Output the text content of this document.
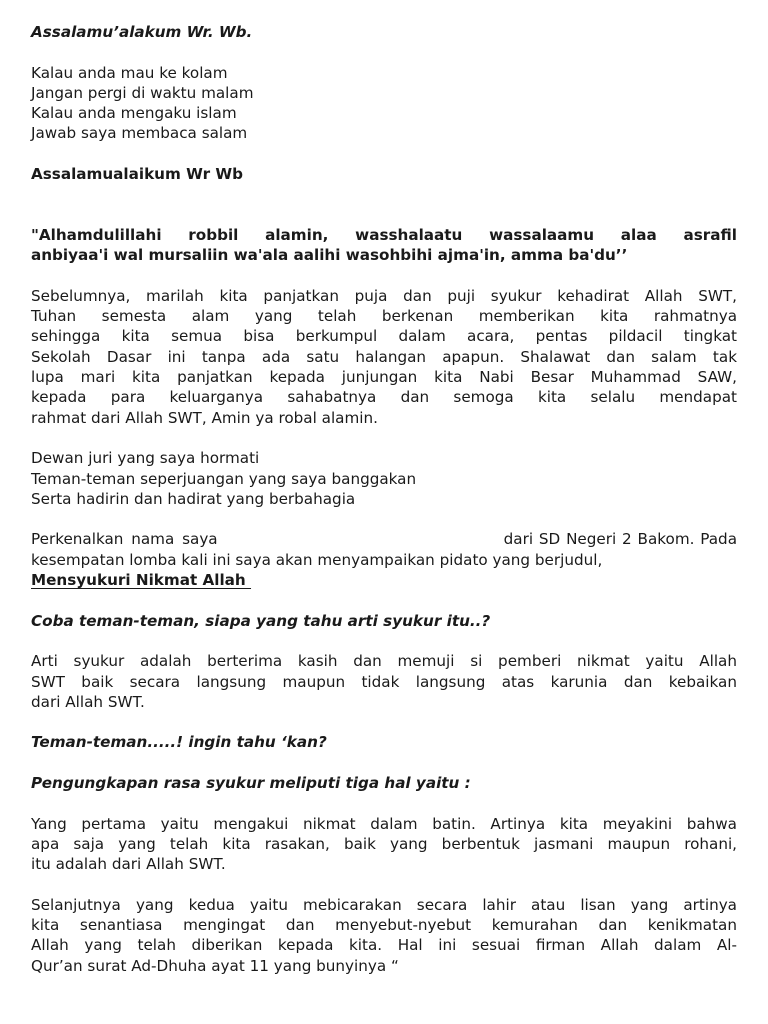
Assalamu’alakum Wr. Wb.

Kalau anda mau ke kolam
Jangan pergi di waktu malam
Kalau anda mengaku islam
Jawab saya membaca salam

Assalamualaikum Wr Wb

"Alhamdulillahi robbil alamin, wasshalaatu wassalaamu alaa asrafil
anbiyaa'i wal mursaliin wa'ala aalihi wasohbihi ajma'in, amma ba'du’’
Sebelumnya, marilah kita panjatkan puja dan puji syukur kehadirat Allah SWT,
Tuhan semesta alam yang telah berkenan memberikan kita rahmatnya
sehingga kita semua bisa berkumpul dalam acara, pentas pildacil tingkat
Sekolah Dasar ini tanpa ada satu halangan apapun. Shalawat dan salam tak
lupa mari kita panjatkan kepada junjungan kita Nabi Besar Muhammad SAW,
kepada para keluarganya sahabatnya dan semoga kita selalu mendapat
rahmat dari Allah SWT, Amin ya robal alamin.
Dewan juri yang saya hormati
Teman-teman seperjuangan yang saya banggakan
Serta hadirin dan hadirat yang berbahagia
Perkenalkan nama saya	dari SD Negeri 2 Bakom. Pada
kesempatan lomba kali ini saya akan menyampaikan pidato yang berjudul,
Mensyukuri Nikmat Allah

Coba teman-teman, siapa yang tahu arti syukur itu..?

Arti syukur adalah berterima kasih dan memuji si pemberi nikmat yaitu Allah
SWT baik secara langsung maupun tidak langsung atas karunia dan kebaikan
dari Allah SWT.

Teman-teman.....! ingin tahu ‘kan?

Pengungkapan rasa syukur meliputi tiga hal yaitu :

Yang pertama yaitu mengakui nikmat dalam batin. Artinya kita meyakini bahwa
apa saja yang telah kita rasakan, baik yang berbentuk jasmani maupun rohani,
itu adalah dari Allah SWT.
Selanjutnya yang kedua yaitu mebicarakan secara lahir atau lisan yang artinya
kita senantiasa mengingat dan menyebut-nyebut kemurahan dan kenikmatan
Allah yang telah diberikan kepada kita. Hal ini sesuai firman Allah dalam Al-
Qur’an surat Ad-Dhuha ayat 11 yang bunyinya “
